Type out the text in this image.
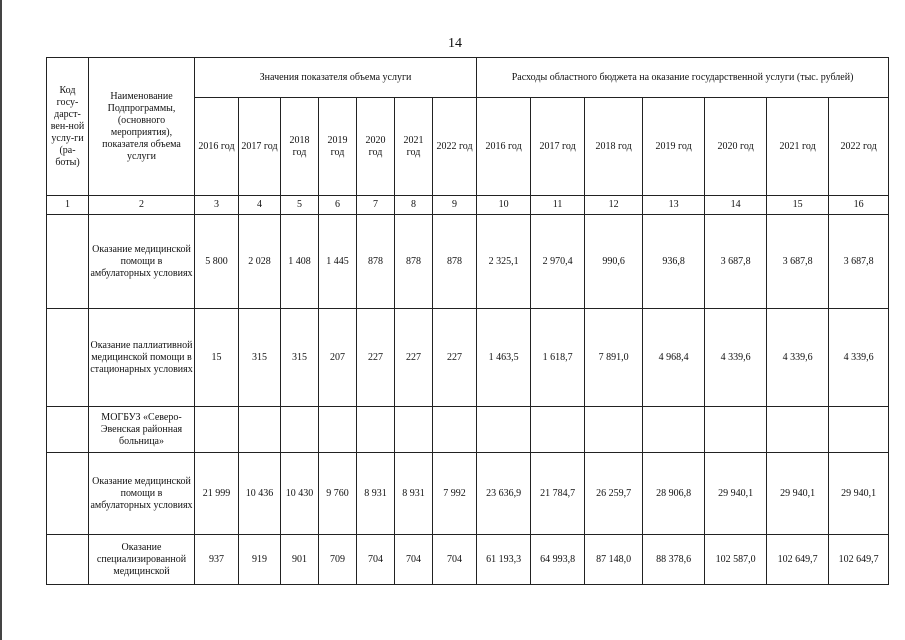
14
Код госу-дарст-вен-ной услу-ги (ра-боты)	Наименование Подпрограммы, (основного мероприятия), показателя объема услуги	Значения показателя объема услуги							Расходы областного бюджета на оказание государственной услуги (тыс. рублей)						
		2016 год	2017 год	2018 год	2019 год	2020 год	2021 год	2022 год	2016 год	2017 год	2018 год	2019 год	2020 год	2021 год	2022 год
1	2	3	4	5	6	7	8	9	10	11	12	13	14	15	16
	Оказание медицинской помощи в амбулаторных условиях	5 800	2 028	1 408	1 445	878	878	878	2 325,1	2 970,4	990,6	936,8	3 687,8	3 687,8	3 687,8
	Оказание паллиативной медицинской помощи в стационарных условиях	15	315	315	207	227	227	227	1 463,5	1 618,7	7 891,0	4 968,4	4 339,6	4 339,6	4 339,6
	МОГБУЗ «Северо-Эвенская районная больница»														
	Оказание медицинской помощи в амбулаторных условиях	21 999	10 436	10 430	9 760	8 931	8 931	7 992	23 636,9	21 784,7	26 259,7	28 906,8	29 940,1	29 940,1	29 940,1
	Оказание специализированной медицинской	937	919	901	709	704	704	704	61 193,3	64 993,8	87 148,0	88 378,6	102 587,0	102 649,7	102 649,7
